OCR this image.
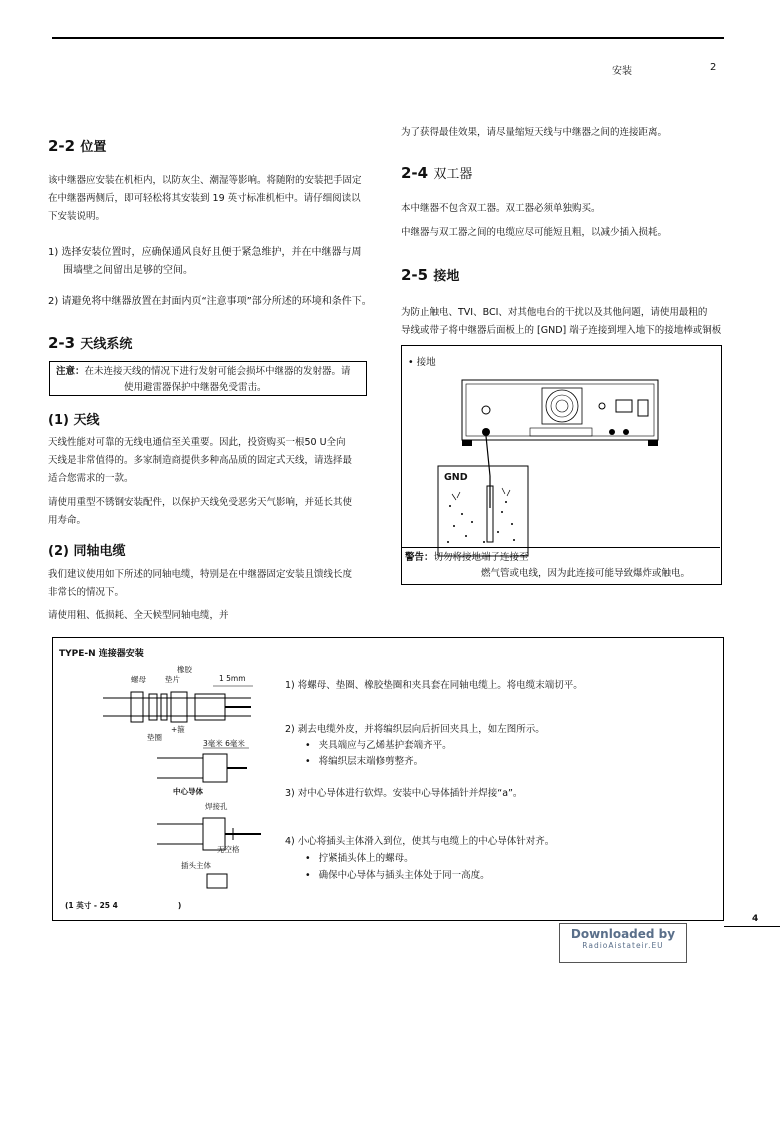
安装	2
2-2 位置
该中继器应安装在机柜内，以防灰尘、潮湿等影响。将随附的安装把手固定
在中继器两侧后，即可轻松将其安装到 19 英寸标准机柜中。请仔细阅读以
下安装说明。
1) 选择安装位置时，应确保通风良好且便于紧急维护，并在中继器与周
围墙壁之间留出足够的空间。
2) 请避免将中继器放置在封面内页“注意事项”部分所述的环境和条件下。
2-3 天线系统
注意：在未连接天线的情况下进行发射可能会损坏中继器的发射器。请
使用避雷器保护中继器免受雷击。
(1) 天线
天线性能对可靠的无线电通信至关重要。因此，投资购买一根50 U全向
天线是非常值得的。多家制造商提供多种高品质的固定式天线，请选择最
适合您需求的一款。
请使用重型不锈钢安装配件，以保护天线免受恶劣天气影响，并延长其使
用寿命。
(2) 同轴电缆
我们建议使用如下所述的同轴电缆，特别是在中继器固定安装且馈线长度
非常长的情况下。
请使用粗、低损耗、全天候型同轴电缆，并
为了获得最佳效果，请尽量缩短天线与中继器之间的连接距离。
2-4 双工器
本中继器不包含双工器。双工器必须单独购买。
中继器与双工器之间的电缆应尽可能短且粗，以减少插入损耗。
2-5 接地
为防止触电、TVI、BCI、对其他电台的干扰以及其他问题，请使用最粗的
导线或带子将中继器后面板上的 [GND] 端子连接到埋入地下的接地棒或铜板
• 接地
GND
警告：切勿将接地端子连接至
燃气管或电线，因为此连接可能导致爆炸或触电。
TYPE-N 连接器安装
橡胶
螺母	垫片	1 5mm
+箍
垫圈
3毫米 6毫米
中心导体
焊接孔
无空格
插头主体
(1 英寸 - 25 4	)
1) 将螺母、垫圈、橡胶垫圈和夹具套在同轴电缆上。将电缆末端切平。
2) 剥去电缆外皮，并将编织层向后折回夹具上，如左图所示。
• 夹具端应与乙烯基护套端齐平。
• 将编织层末端修剪整齐。
3) 对中心导体进行软焊。安装中心导体插针并焊接“a”。
4) 小心将插头主体滑入到位，使其与电缆上的中心导体针对齐。
• 拧紧插头体上的螺母。
• 确保中心导体与插头主体处于同一高度。
4
Downloaded by
RadioAistateir.EU
